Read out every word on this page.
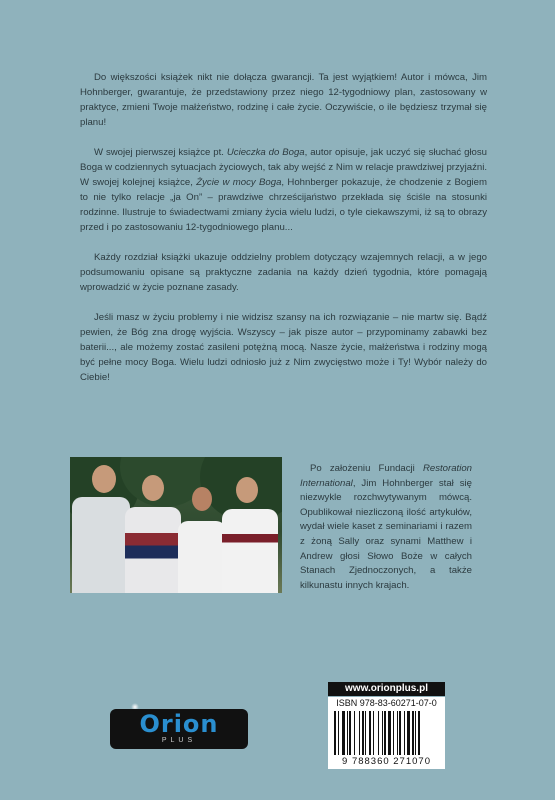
Do większości książek nikt nie dołącza gwarancji. Ta jest wyjątkiem! Autor i mówca, Jim Hohnberger, gwarantuje, że przedstawiony przez niego 12-tygodniowy plan, zastosowany w praktyce, zmieni Twoje małżeństwo, rodzinę i całe życie. Oczywiście, o ile będziesz trzymał się planu!

W swojej pierwszej książce pt. Ucieczka do Boga, autor opisuje, jak uczyć się słuchać głosu Boga w codziennych sytuacjach życiowych, tak aby wejść z Nim w relacje prawdziwej przyjaźni. W swojej kolejnej książce, Życie w mocy Boga, Hohnberger pokazuje, że chodzenie z Bogiem to nie tylko relacje „ja On” – prawdziwe chrześcijaństwo przekłada się ściśle na stosunki rodzinne. Ilustruje to świadectwami zmiany życia wielu ludzi, o tyle ciekawszymi, iż są to obrazy przed i po zastosowaniu 12-tygodniowego planu...

Każdy rozdział książki ukazuje oddzielny problem dotyczący wzajemnych relacji, a w jego podsumowaniu opisane są praktyczne zadania na każdy dzień tygodnia, które pomagają wprowadzić w życie poznane zasady.

Jeśli masz w życiu problemy i nie widzisz szansy na ich rozwiązanie – nie martw się. Bądź pewien, że Bóg zna drogę wyjścia. Wszyscy – jak pisze autor – przypominamy zabawki bez baterii..., ale możemy zostać zasileni potężną mocą. Nasze życie, małżeństwa i rodziny mogą być pełne mocy Boga. Wielu ludzi odniosło już z Nim zwycięstwo może i Ty! Wybór należy do Ciebie!

Po założeniu Fundacji Restoration International, Jim Hohnberger stał się niezwykle rozchwytywanym mówcą. Opublikował niezliczoną ilość artykułów, wydał wiele kaset z seminariami i razem z żoną Sally oraz synami Matthew i Andrew głosi Słowo Boże w całych Stanach Zjednoczonych, a także kilkunastu innych krajach.
www.orionplus.pl
ISBN 978-83-60271-07-0
9 788360 271070
Orion
PLUS
